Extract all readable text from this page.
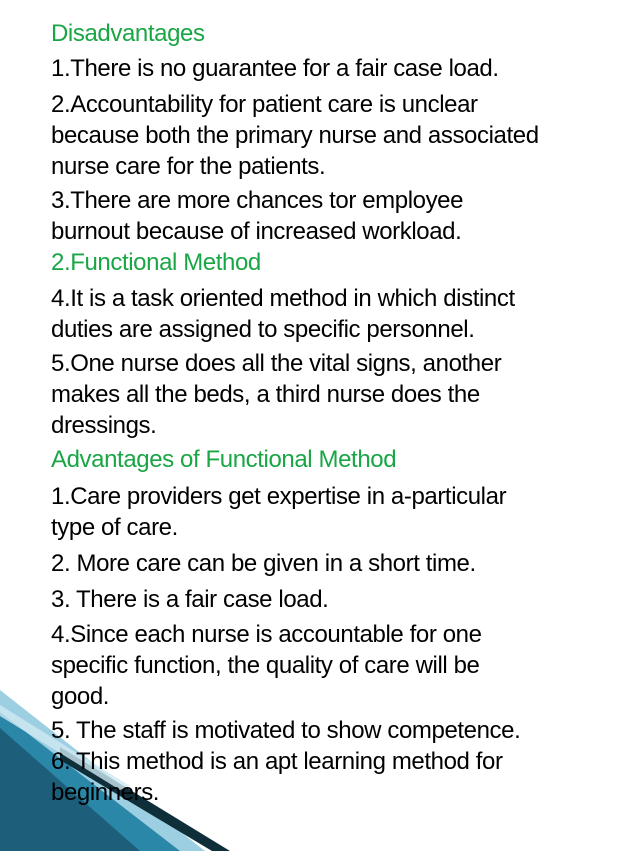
Disadvantages
1.There is no guarantee for a fair case load.
2.Accountability for patient care is unclear
because both the primary nurse and associated
nurse care for the patients.
3.There are more chances tor employee
burnout because of increased workload.
2.Functional Method
4.It is a task oriented method in which distinct
duties are assigned to specific personnel.
5.One nurse does all the vital signs, another
makes all the beds, a third nurse does the
dressings.
Advantages of Functional Method
1.Care providers get expertise in a-particular
type of care.
2. More care can be given in a short time.
3. There is a fair case load.
4.Since each nurse is accountable for one
specific function, the quality of care will be
good.
5. The staff is motivated to show competence.
6. This method is an apt learning method for
beginners.
